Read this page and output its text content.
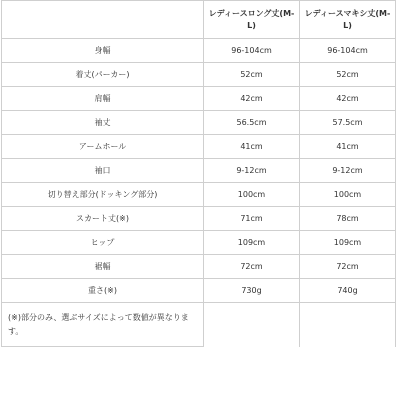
	レディースロング丈(M-L)	レディースマキシ丈(M-L)
身幅	96-104cm	96-104cm
着丈(パーカー)	52cm	52cm
肩幅	42cm	42cm
袖丈	56.5cm	57.5cm
アームホール	41cm	41cm
袖口	9-12cm	9-12cm
切り替え部分(ドッキング部分)	100cm	100cm
スカート丈(※)	71cm	78cm
ヒップ	109cm	109cm
裾幅	72cm	72cm
重さ(※)	730g	740g
(※)部分のみ、選ぶサイズによって数値が異なります。		
